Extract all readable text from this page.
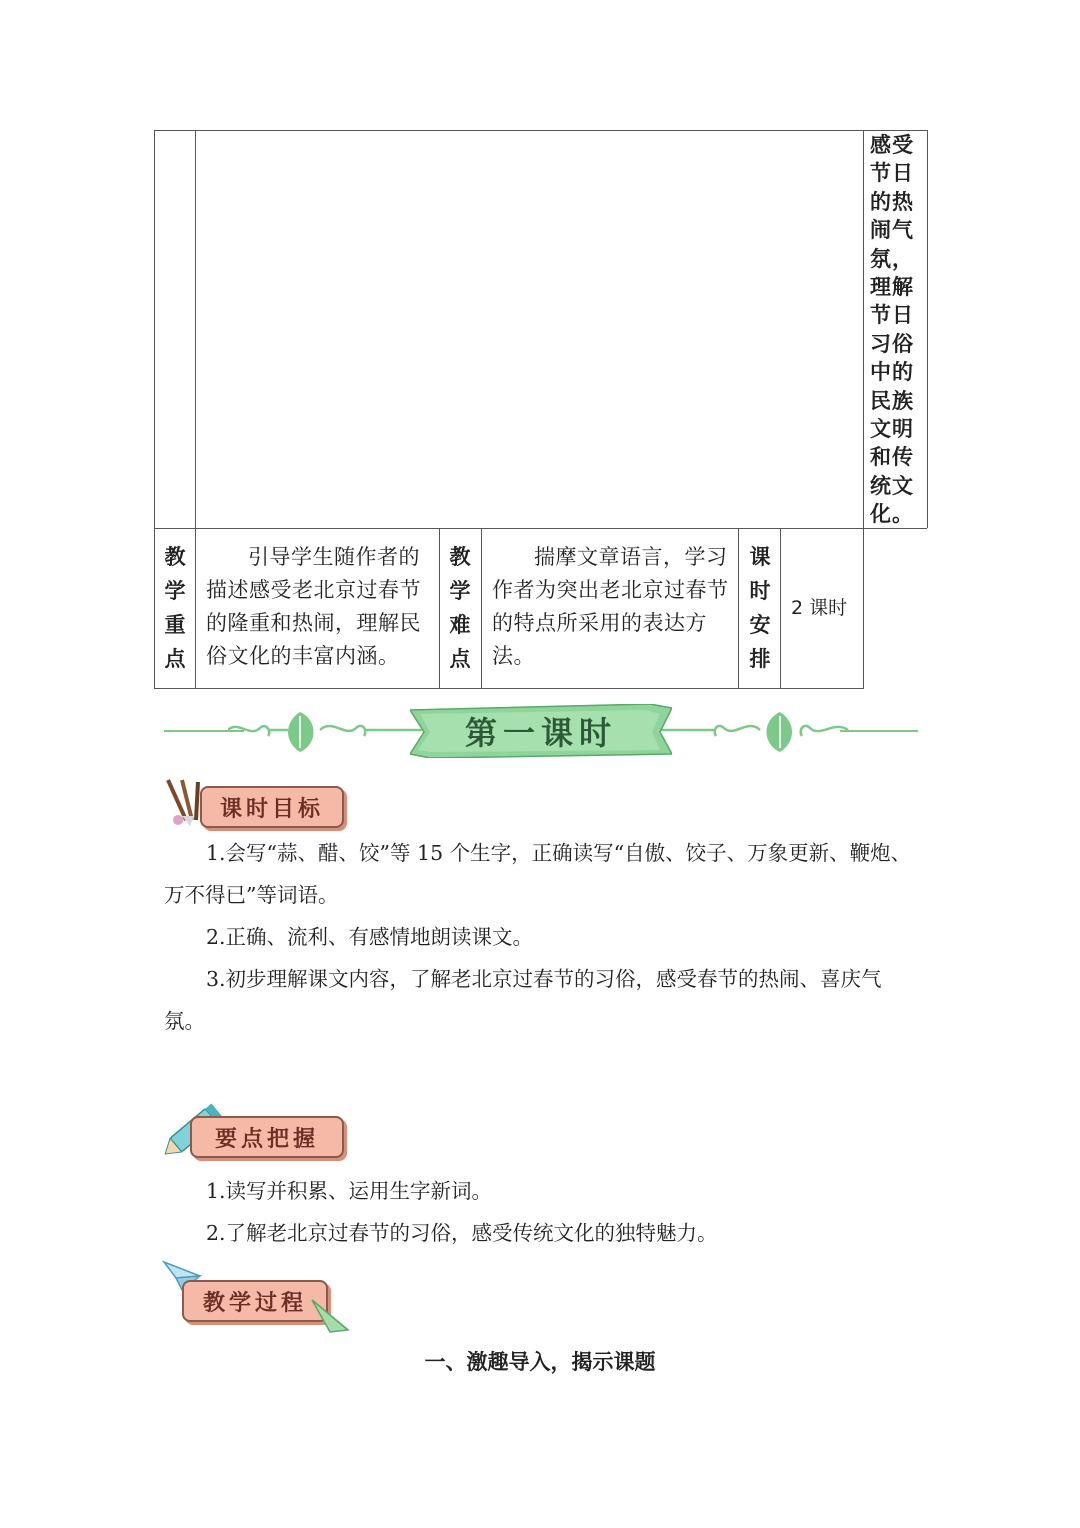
感受节日的热闹气氛，理解节日习俗中的民族文明和传统文化。
教
学
重
点
引导学生随作者的描述感受老北京过春节的隆重和热闹，理解民俗文化的丰富内涵。
教
学
难
点
揣摩文章语言，学习作者为突出老北京过春节的特点所采用的表达方法。
课
时
安
排
2 课时
第一课时
课时目标
1.会写“蒜、醋、饺”等 15 个生字，正确读写“自傲、饺子、万象更新、鞭炮、万不得已”等词语。
2.正确、流利、有感情地朗读课文。
3.初步理解课文内容，了解老北京过春节的习俗，感受春节的热闹、喜庆气氛。
要点把握
1.读写并积累、运用生字新词。
2.了解老北京过春节的习俗，感受传统文化的独特魅力。
教学过程
一、激趣导入，揭示课题
